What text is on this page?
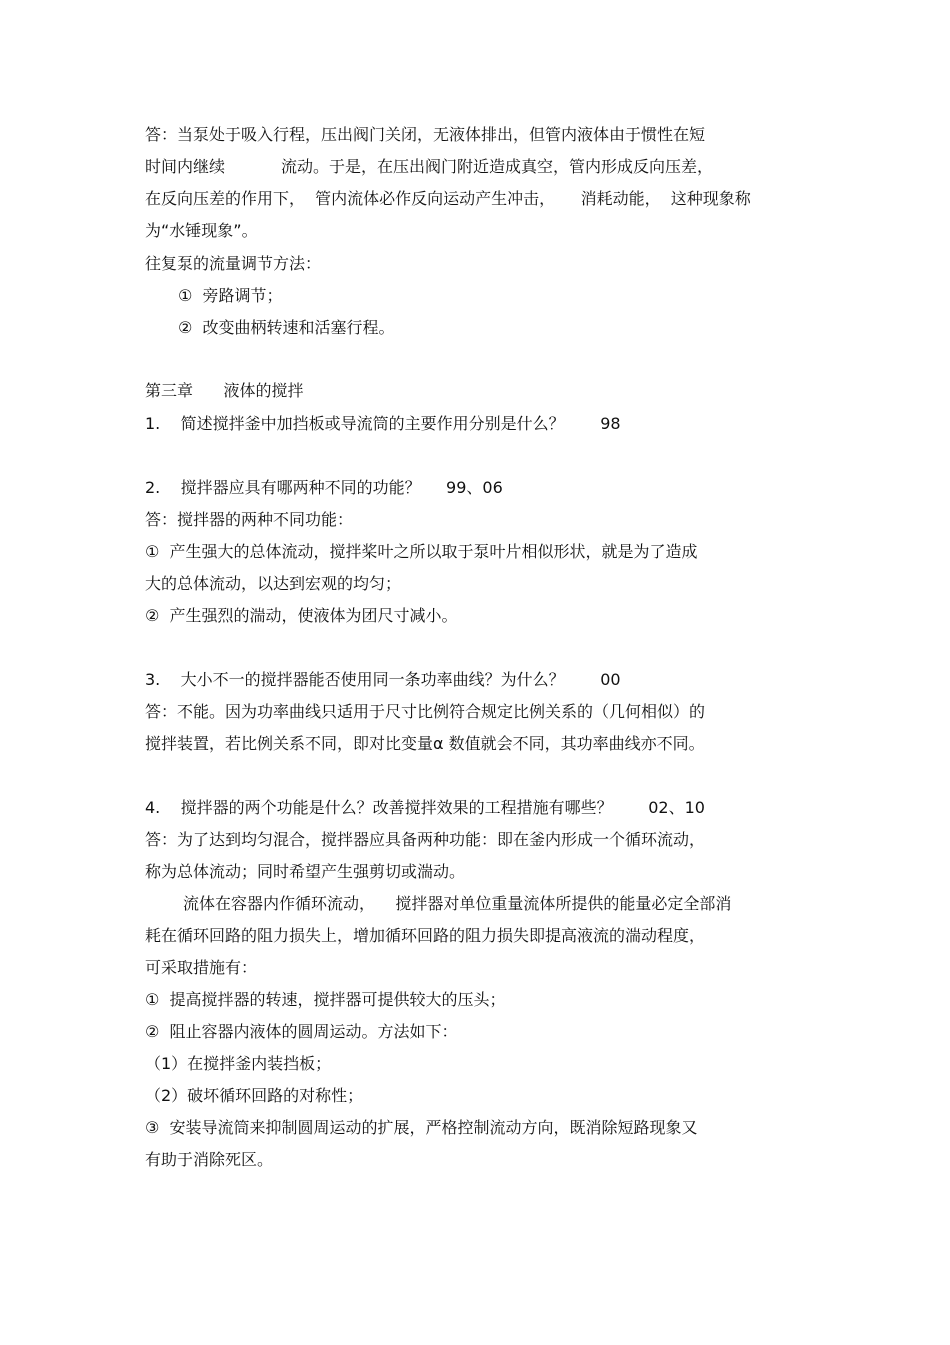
答：当泵处于吸入行程，压出阀门关闭，无液体排出，但管内液体由于惯性在短
时间内继续           流动。于是，在压出阀门附近造成真空，管内形成反向压差，
在反向压差的作用下，  管内流体必作反向运动产生冲击，     消耗动能，  这种现象称
为“水锤现象”。
往复泵的流量调节方法：
①  旁路调节；
②  改变曲柄转速和活塞行程。
第三章      液体的搅拌
1.    简述搅拌釜中加挡板或导流筒的主要作用分别是什么？       98
2.    搅拌器应具有哪两种不同的功能？     99、06
答：搅拌器的两种不同功能：
①  产生强大的总体流动，搅拌桨叶之所以取于泵叶片相似形状，就是为了造成
大的总体流动，以达到宏观的均匀；
②  产生强烈的湍动，使液体为团尺寸减小。
3.    大小不一的搅拌器能否使用同一条功率曲线？为什么？       00
答：不能。因为功率曲线只适用于尺寸比例符合规定比例关系的（几何相似）的
搅拌装置，若比例关系不同，即对比变量α 数值就会不同，其功率曲线亦不同。
4.    搅拌器的两个功能是什么？改善搅拌效果的工程措施有哪些？       02、10
答：为了达到均匀混合，搅拌器应具备两种功能：即在釜内形成一个循环流动，
称为总体流动；同时希望产生强剪切或湍动。
流体在容器内作循环流动，    搅拌器对单位重量流体所提供的能量必定全部消
耗在循环回路的阻力损失上，增加循环回路的阻力损失即提高液流的湍动程度，
可采取措施有：
①  提高搅拌器的转速，搅拌器可提供较大的压头；
②  阻止容器内液体的圆周运动。方法如下：
（1）在搅拌釜内装挡板；
（2）破坏循环回路的对称性；
③  安装导流筒来抑制圆周运动的扩展，严格控制流动方向，既消除短路现象又
有助于消除死区。
